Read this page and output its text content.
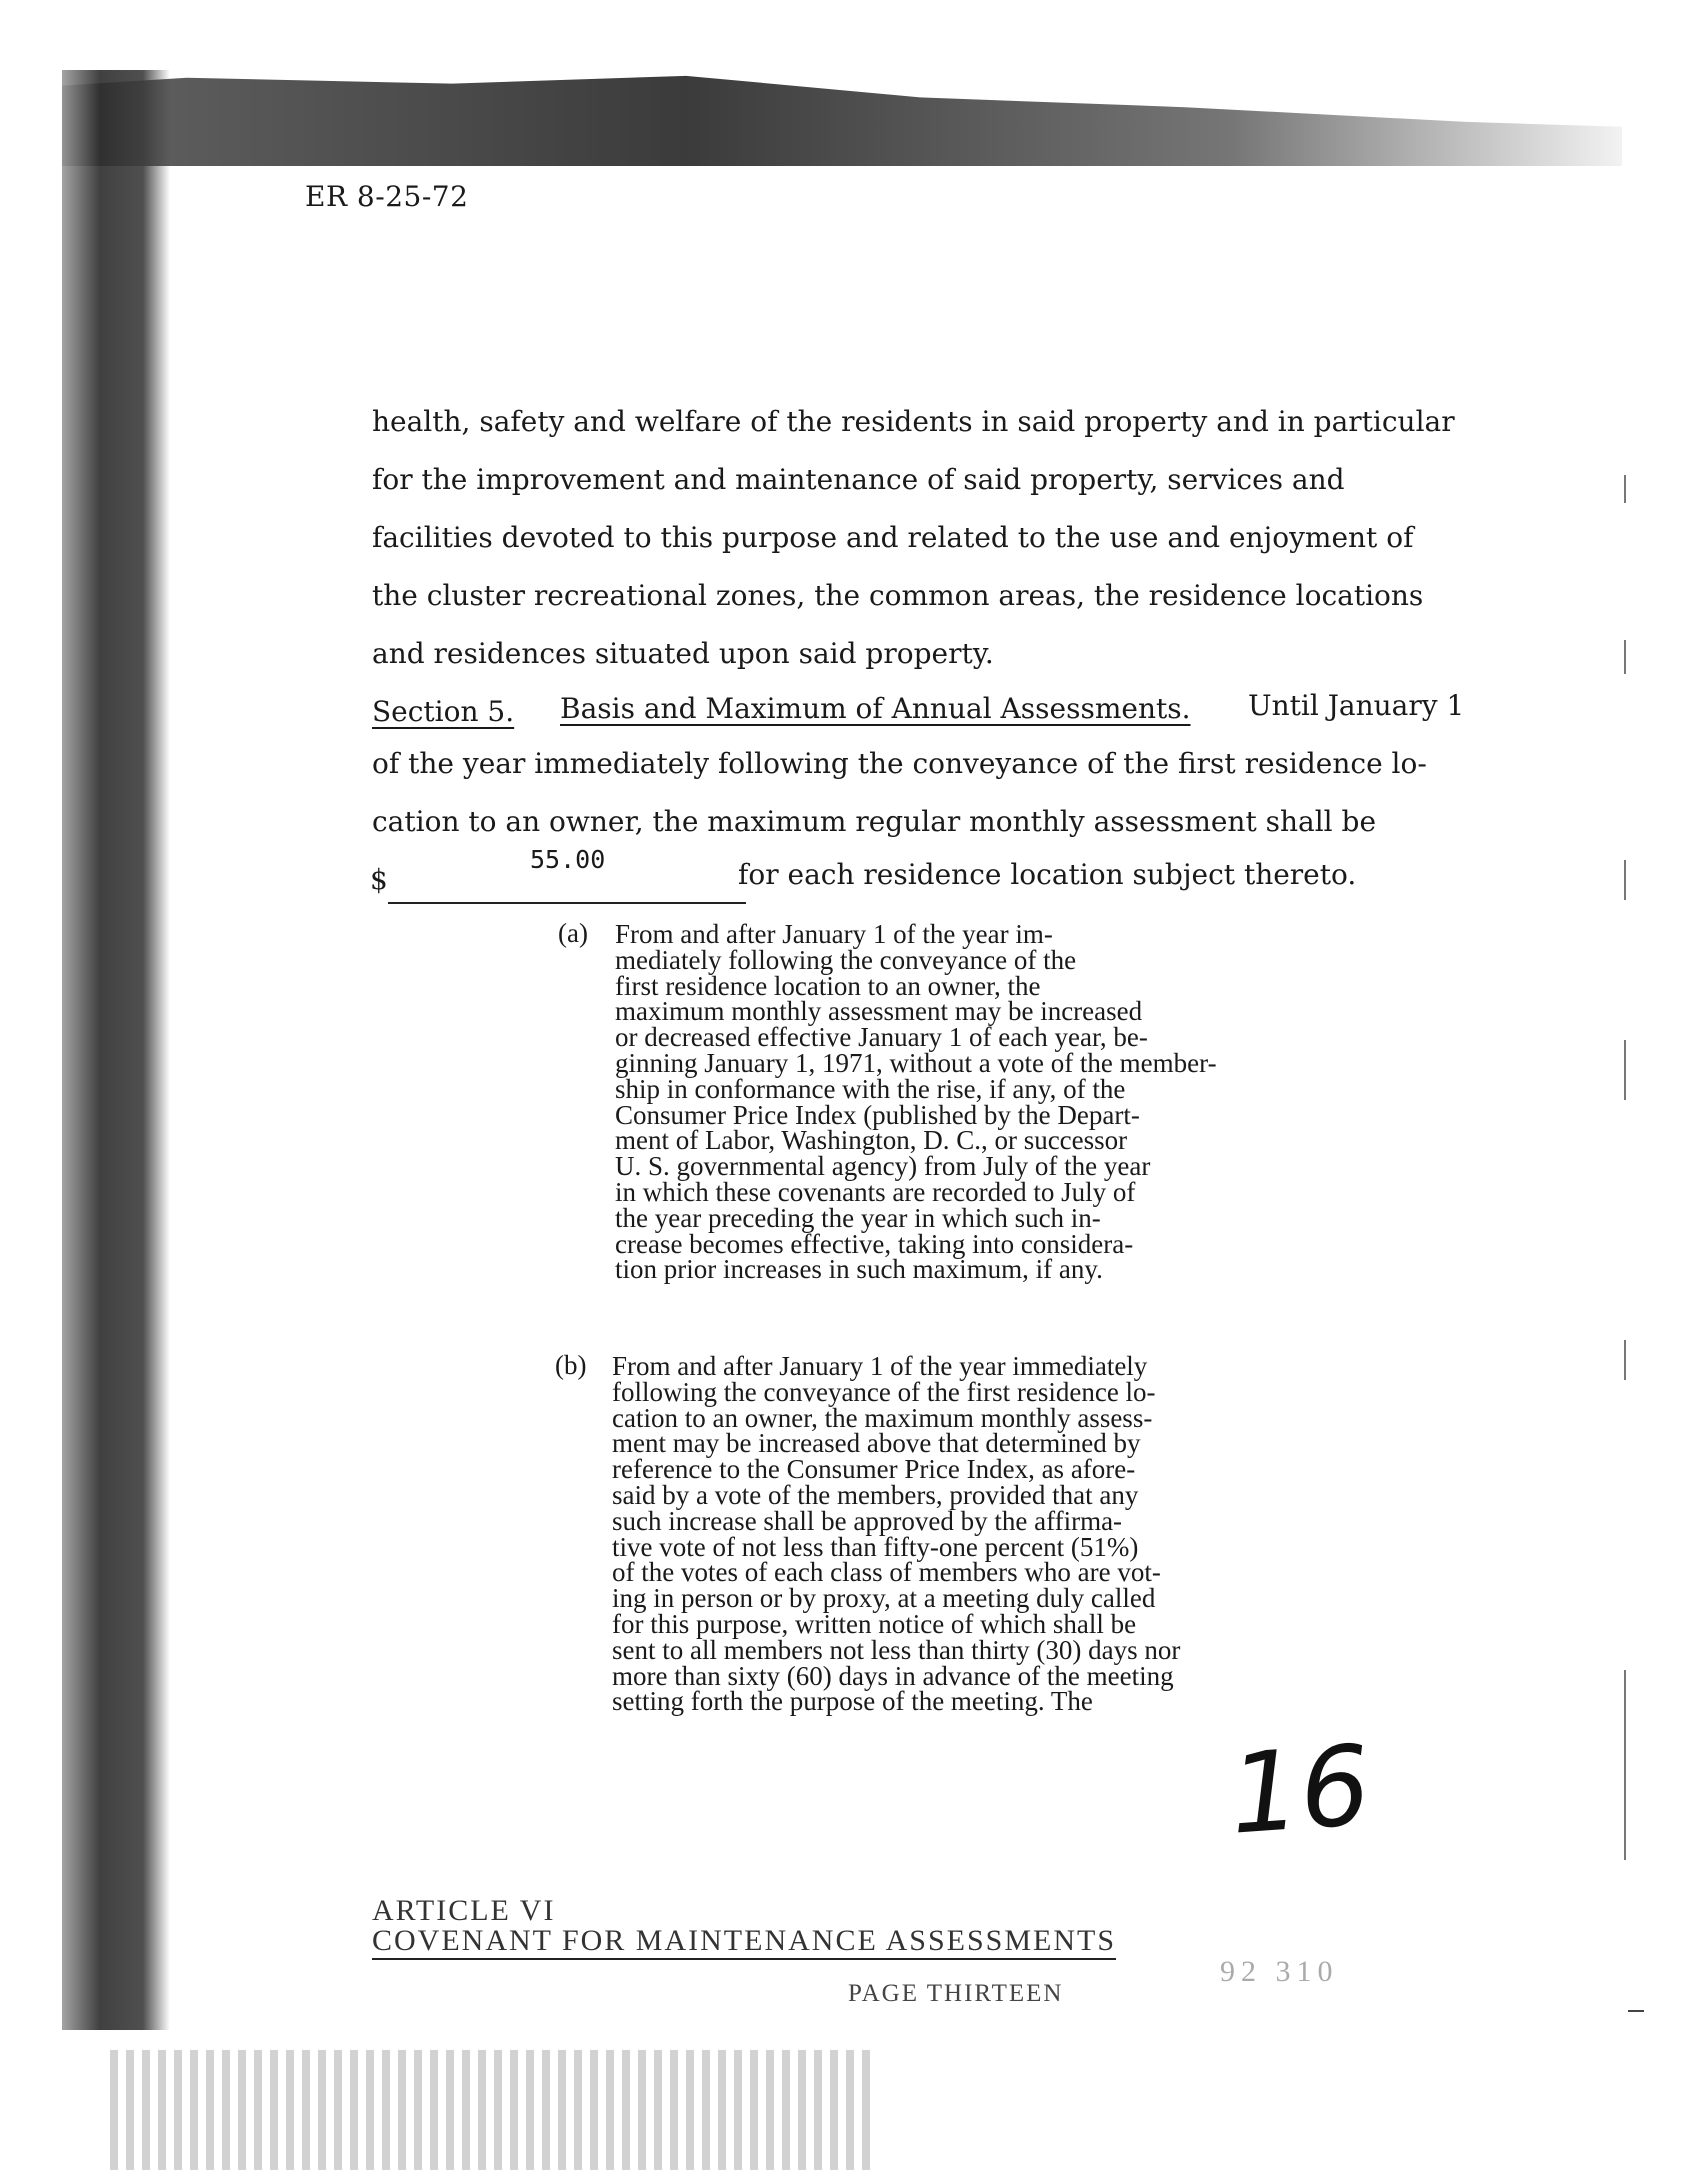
ER 8-25-72
health, safety and welfare of the residents in said property and in particular
for the improvement and maintenance of said property, services and
facilities devoted to this purpose and related to the use and enjoyment of
the cluster recreational zones, the common areas, the residence locations
and residences situated upon said property.
Section 5. Basis and Maximum of Annual Assessments. Until January 1
of the year immediately following the conveyance of the first residence lo-
cation to an owner, the maximum regular monthly assessment shall be
$
55.00	for each residence location subject thereto.
(a) From and after January 1 of the year im-
mediately following the conveyance of the
first residence location to an owner, the
maximum monthly assessment may be increased
or decreased effective January 1 of each year, be-
ginning January 1, 1971, without a vote of the member-
ship in conformance with the rise, if any, of the
Consumer Price Index (published by the Depart-
ment of Labor, Washington, D. C., or successor
U. S. governmental agency) from July of the year
in which these covenants are recorded to July of
the year preceding the year in which such in-
crease becomes effective, taking into considera-
tion prior increases in such maximum, if any.
(b) From and after January 1 of the year immediately
following the conveyance of the first residence lo-
cation to an owner, the maximum monthly assess-
ment may be increased above that determined by
reference to the Consumer Price Index, as afore-
said by a vote of the members, provided that any
such increase shall be approved by the affirma-
tive vote of not less than fifty-one percent (51%)
of the votes of each class of members who are vot-
ing in person or by proxy, at a meeting duly called
for this purpose, written notice of which shall be
sent to all members not less than thirty (30) days nor
more than sixty (60) days in advance of the meeting
setting forth the purpose of the meeting. The
16
ARTICLE VI
COVENANT FOR MAINTENANCE ASSESSMENTS
PAGE THIRTEEN
92 310
